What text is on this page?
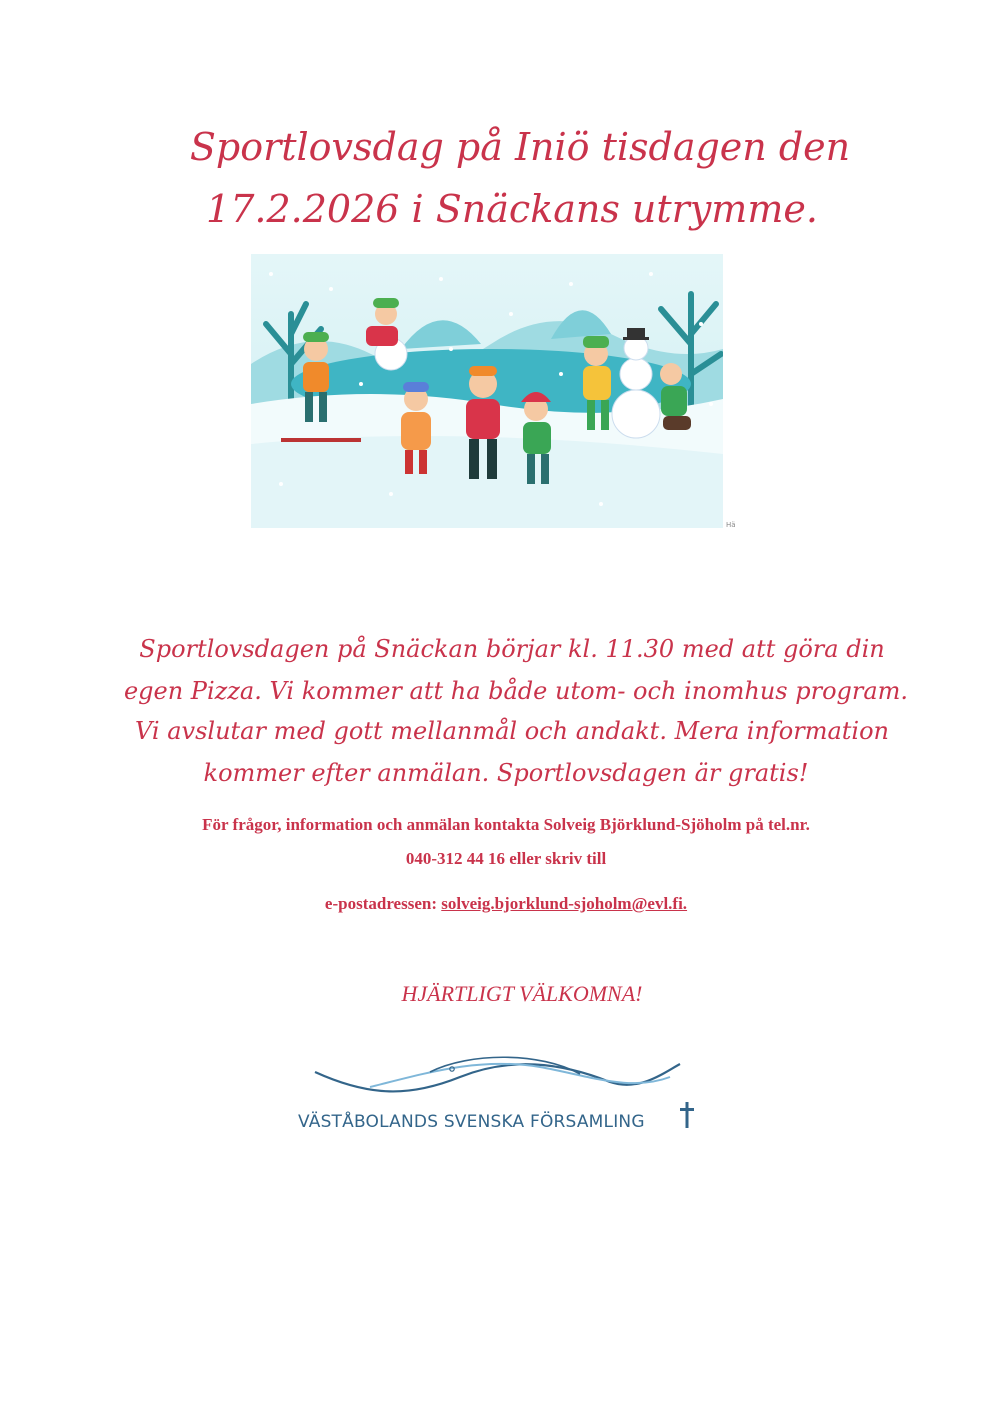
Sportlovsdag på Iniö tisdagen den
17.2.2026 i Snäckans utrymme.
Hä
Sportlovsdagen på Snäckan börjar kl. 11.30 med att göra din
egen Pizza. Vi kommer att ha både utom- och inomhus program.
Vi avslutar med gott mellanmål och andakt. Mera information
kommer efter anmälan. Sportlovsdagen är gratis!
För frågor, information och anmälan kontakta Solveig Björklund-Sjöholm på tel.nr.
040-312 44 16 eller skriv till
e-postadressen: solveig.bjorklund-sjoholm@evl.fi.
HJÄRTLIGT VÄLKOMNA!
VÄSTÅBOLANDS SVENSKA FÖRSAMLING
